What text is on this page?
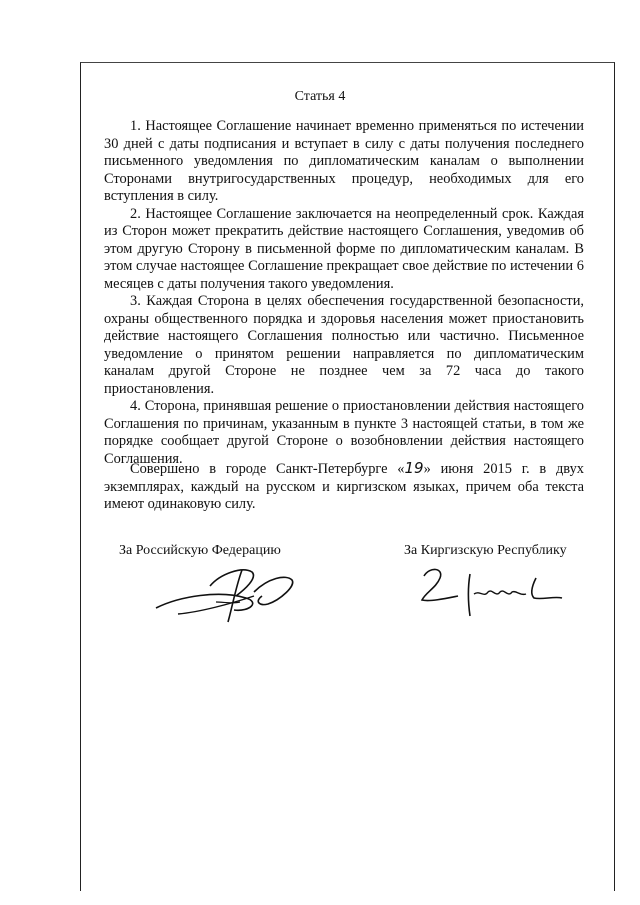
Статья 4

1. Настоящее Соглашение начинает временно применяться по истечении 30 дней с даты подписания и вступает в силу с даты получения последнего письменного уведомления по дипломатическим каналам о выполнении Сторонами внутригосударственных процедур, необходимых для его вступления в силу.

2. Настоящее Соглашение заключается на неопределенный срок. Каждая из Сторон может прекратить действие настоящего Соглашения, уведомив об этом другую Сторону в письменной форме по дипломатическим каналам. В этом случае настоящее Соглашение прекращает свое действие по истечении 6 месяцев с даты получения такого уведомления.

3. Каждая Сторона в целях обеспечения государственной безопасности, охраны общественного порядка и здоровья населения может приостановить действие настоящего Соглашения полностью или частично. Письменное уведомление о принятом решении направляется по дипломатическим каналам другой Стороне не позднее чем за 72 часа до такого приостановления.

4. Сторона, принявшая решение о приостановлении действия настоящего Соглашения по причинам, указанным в пункте 3 настоящей статьи, в том же порядке сообщает другой Стороне о возобновлении действия настоящего Соглашения.

Совершено в городе Санкт-Петербурге «19» июня 2015 г. в двух экземплярах, каждый на русском и киргизском языках, причем оба текста имеют одинаковую силу.

За Российскую Федерацию	За Киргизскую Республику
